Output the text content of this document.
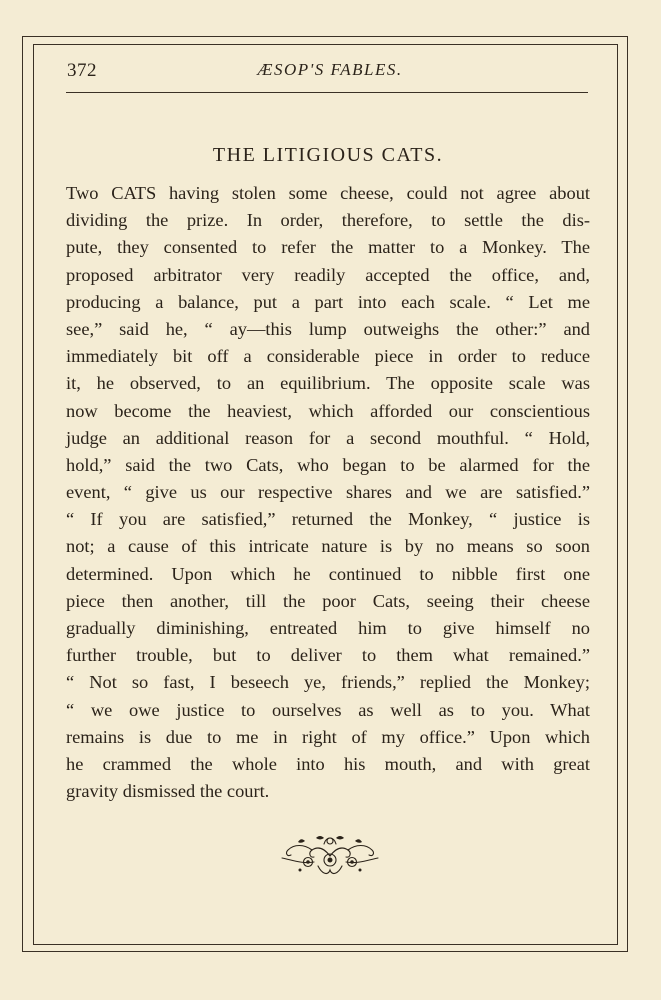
372	ÆSOP'S FABLES.
THE LITIGIOUS CATS.
Two CATS having stolen some cheese, could not agree about
dividing the prize. In order, therefore, to settle the dis-
pute, they consented to refer the matter to a Monkey. The
proposed arbitrator very readily accepted the office, and,
producing a balance, put a part into each scale. “ Let me
see,” said he, “ ay—this lump outweighs the other:” and
immediately bit off a considerable piece in order to reduce
it, he observed, to an equilibrium. The opposite scale was
now become the heaviest, which afforded our conscientious
judge an additional reason for a second mouthful. “ Hold,
hold,” said the two Cats, who began to be alarmed for the
event, “ give us our respective shares and we are satisfied.”
“ If you are satisfied,” returned the Monkey, “ justice is
not; a cause of this intricate nature is by no means so soon
determined. Upon which he continued to nibble first one
piece then another, till the poor Cats, seeing their cheese
gradually diminishing, entreated him to give himself no
further trouble, but to deliver to them what remained.”
“ Not so fast, I beseech ye, friends,” replied the Monkey;
“ we owe justice to ourselves as well as to you. What
remains is due to me in right of my office.” Upon which
he crammed the whole into his mouth, and with great
gravity dismissed the court.
